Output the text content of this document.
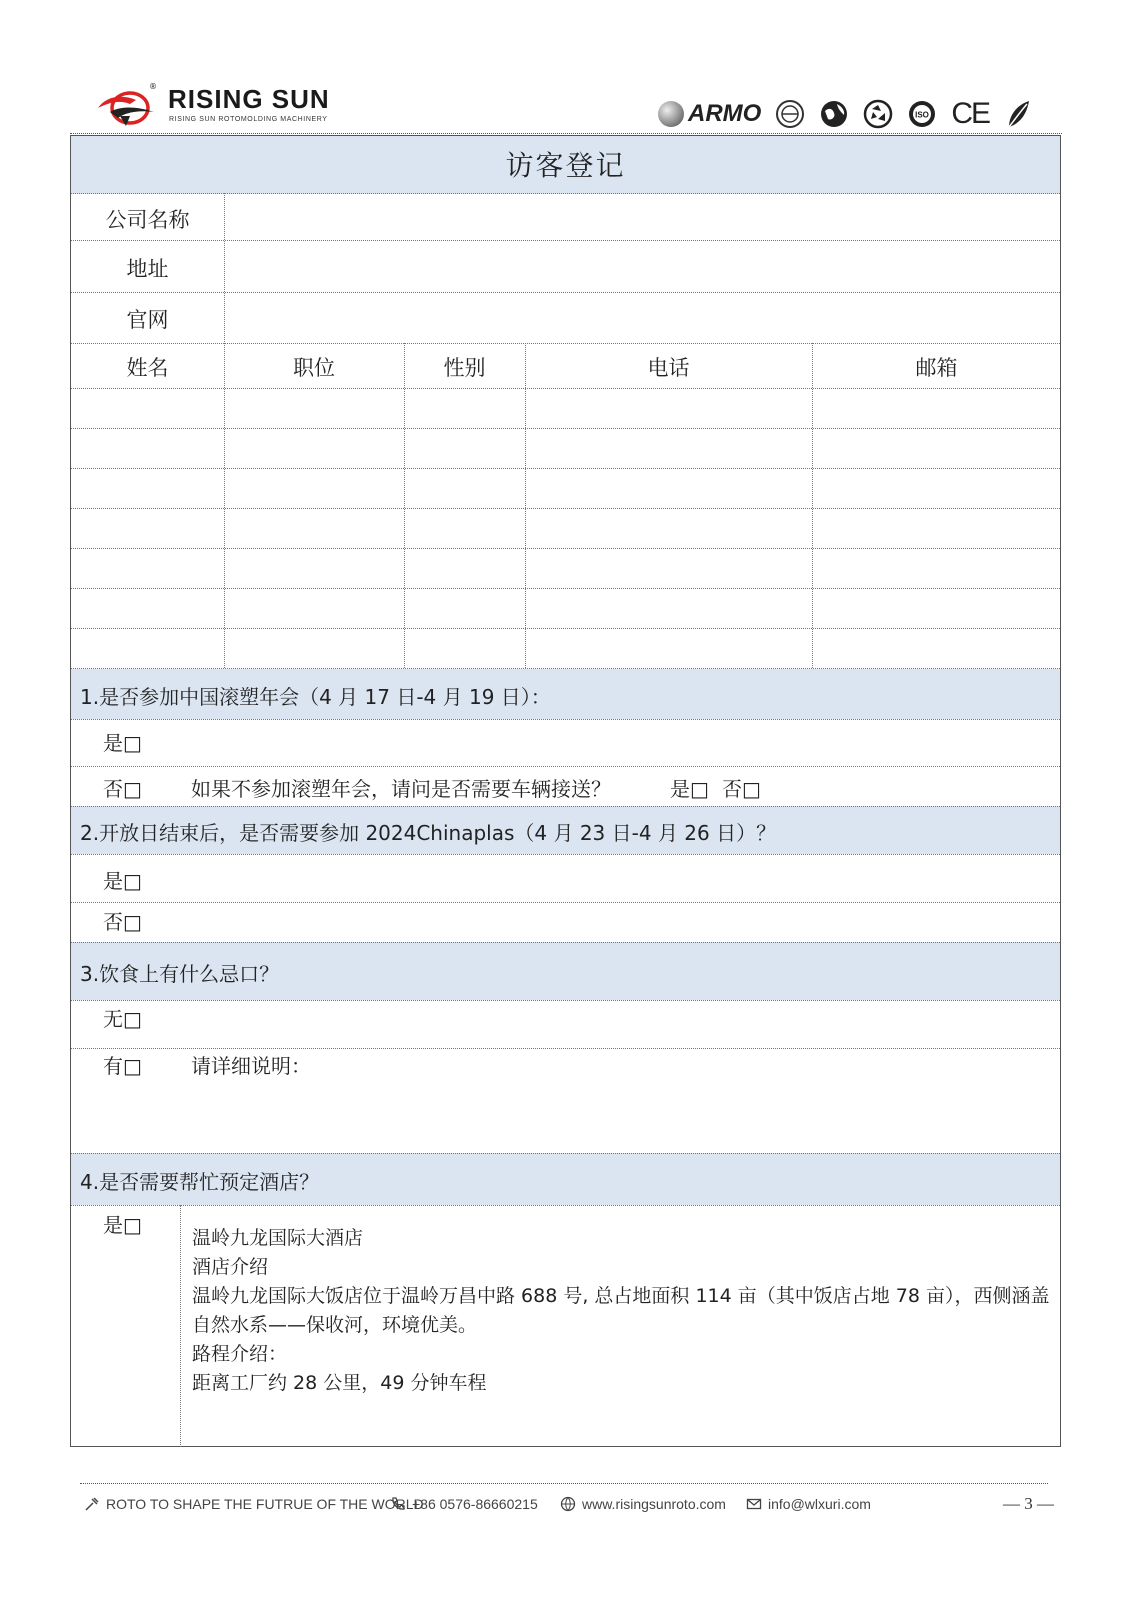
® RISING SUN
RISING SUN ROTOMOLDING MACHINERY	ARMO	ISO CE
访客登记
公司名称
地址
官网
姓名	职位	性别	电话	邮箱
1.是否参加中国滚塑年会（4 月 17 日-4 月 19 日）：
是□
否□ 如果不参加滚塑年会，请问是否需要车辆接送？	是□ 否□
2.开放日结束后，是否需要参加 2024Chinaplas（4 月 23 日-4 月 26 日）？
是□
否□
3.饮食上有什么忌口？
无□
有□ 请详细说明：
4.是否需要帮忙预定酒店？
是□

温岭九龙国际大酒店

酒店介绍

温岭九龙国际大饭店位于温岭万昌中路 688 号, 总占地面积 114 亩（其中饭店占地 78 亩），西侧涵盖自然水系——保收河，环境优美。

路程介绍：

距离工厂约 28 公里，49 分钟车程

ROTO TO SHAPE THE FUTRUE OF THE WORLD
+86 0576-86660215	www.risingsunroto.com	info@wlxuri.com	— 3 —
